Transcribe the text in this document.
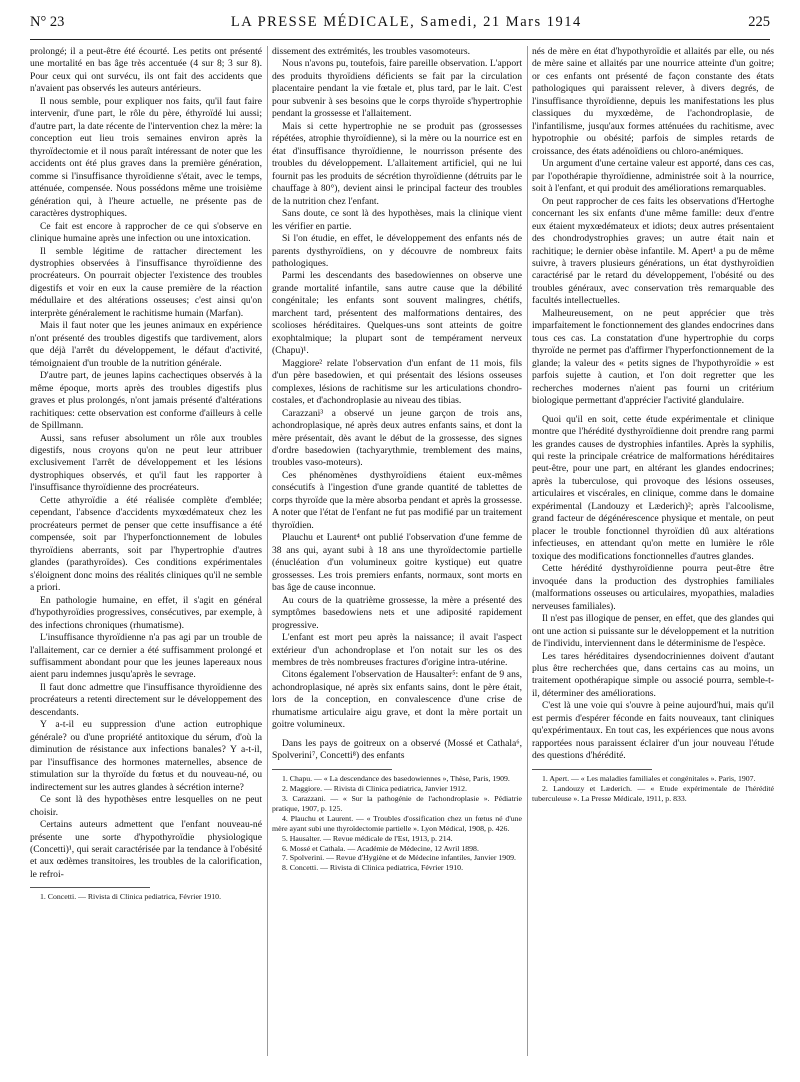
N° 23	LA PRESSE MÉDICALE, Samedi, 21 Mars 1914	225

prolongé; il a peut-être été écourté. Les petits ont présenté une mortalité en bas âge très accentuée (4 sur 8; 3 sur 8). Pour ceux qui ont survécu, ils ont fait des accidents que n'avaient pas observés les auteurs antérieurs.

Il nous semble, pour expliquer nos faits, qu'il faut faire intervenir, d'une part, le rôle du père, éthyroïdé lui aussi; d'autre part, la date récente de l'intervention chez la mère: la conception eut lieu trois semaines environ après la thyroïdectomie et il nous paraît intéressant de noter que les accidents ont été plus graves dans la première génération, comme si l'insuffisance thyroïdienne s'était, avec le temps, atténuée, compensée. Nous possédons même une troisième génération qui, à l'heure actuelle, ne présente pas de caractères dystrophiques.

Ce fait est encore à rapprocher de ce qui s'observe en clinique humaine après une infection ou une intoxication.

Il semble légitime de rattacher directement les dystrophies observées à l'insuffisance thyroïdienne des procréateurs. On pourrait objecter l'existence des troubles digestifs et voir en eux la cause première de la réaction médullaire et des altérations osseuses; c'est ainsi qu'on interprète généralement le rachitisme humain (Marfan).

Mais il faut noter que les jeunes animaux en expérience n'ont présenté des troubles digestifs que tardivement, alors que déjà l'arrêt du développement, le défaut d'activité, témoignaient d'un trouble de la nutrition générale.

D'autre part, de jeunes lapins cachectiques observés à la même époque, morts après des troubles digestifs plus graves et plus prolongés, n'ont jamais présenté d'altérations rachitiques: cette observation est conforme d'ailleurs à celle de Spillmann.

Aussi, sans refuser absolument un rôle aux troubles digestifs, nous croyons qu'on ne peut leur attribuer exclusivement l'arrêt de développement et les lésions dystrophiques observés, et qu'il faut les rapporter à l'insuffisance thyroïdienne des procréateurs.

Cette athyroïdie a été réalisée complète d'emblée; cependant, l'absence d'accidents myxœdémateux chez les procréateurs permet de penser que cette insuffisance a été compensée, soit par l'hyperfonctionnement de lobules thyroïdiens aberrants, soit par l'hypertrophie d'autres glandes (parathyroïdes). Ces conditions expérimentales s'éloignent donc moins des réalités cliniques qu'il ne semble a priori.

En pathologie humaine, en effet, il s'agit en général d'hypothyroïdies progressives, consécutives, par exemple, à des infections chroniques (rhumatisme).

L'insuffisance thyroïdienne n'a pas agi par un trouble de l'allaitement, car ce dernier a été suffisamment prolongé et suffisamment abondant pour que les jeunes lapereaux nous aient paru indemnes jusqu'après le sevrage.

Il faut donc admettre que l'insuffisance thyroïdienne des procréateurs a retenti directement sur le développement des descendants.

Y a-t-il eu suppression d'une action eutrophique générale? ou d'une propriété antitoxique du sérum, d'où la diminution de résistance aux infections banales? Y a-t-il, par l'insuffisance des hormones maternelles, absence de stimulation sur la thyroïde du fœtus et du nouveau-né, ou indirectement sur les autres glandes à sécrétion interne?

Ce sont là des hypothèses entre lesquelles on ne peut choisir.

Certains auteurs admettent que l'enfant nouveau-né présente une sorte d'hypothyroïdie physiologique (Concetti)¹, qui serait caractérisée par la tendance à l'obésité et aux œdèmes transitoires, les troubles de la calorification, le refroi-

1. Concetti. — Rivista di Clinica pediatrica, Février 1910.

dissement des extrémités, les troubles vasomoteurs.

Nous n'avons pu, toutefois, faire pareille observation. L'apport des produits thyroïdiens déficients se fait par la circulation placentaire pendant la vie fœtale et, plus tard, par le lait. C'est pour subvenir à ses besoins que le corps thyroïde s'hypertrophie pendant la grossesse et l'allaitement.

Mais si cette hypertrophie ne se produit pas (grossesses répétées, atrophie thyroïdienne), si la mère ou la nourrice est en état d'insuffisance thyroïdienne, le nourrisson présente des troubles du développement. L'allaitement artificiel, qui ne lui fournit pas les produits de sécrétion thyroïdienne (détruits par le chauffage à 80°), devient ainsi le principal facteur des troubles de la nutrition chez l'enfant.

Sans doute, ce sont là des hypothèses, mais la clinique vient les vérifier en partie.

Si l'on étudie, en effet, le développement des enfants nés de parents dysthyroïdiens, on y découvre de nombreux faits pathologiques.

Parmi les descendants des basedowiennes on observe une grande mortalité infantile, sans autre cause que la débilité congénitale; les enfants sont souvent malingres, chétifs, marchent tard, présentent des malformations dentaires, des scolioses héréditaires. Quelques-uns sont atteints de goitre exophtalmique; la plupart sont de tempérament nerveux (Chapu)¹.

Maggiore² relate l'observation d'un enfant de 11 mois, fils d'un père basedowien, et qui présentait des lésions osseuses complexes, lésions de rachitisme sur les articulations chondro-costales, et d'achondroplasie au niveau des tibias.

Carazzani³ a observé un jeune garçon de trois ans, achondroplasique, né après deux autres enfants sains, et dont la mère présentait, dès avant le début de la grossesse, des signes d'ordre basedowien (tachyarythmie, tremblement des mains, troubles vaso-moteurs).

Ces phénomènes dysthyroïdiens étaient eux-mêmes consécutifs à l'ingestion d'une grande quantité de tablettes de corps thyroïde que la mère absorba pendant et après la grossesse. A noter que l'état de l'enfant ne fut pas modifié par un traitement thyroïdien.

Plauchu et Laurent⁴ ont publié l'observation d'une femme de 38 ans qui, ayant subi à 18 ans une thyroïdectomie partielle (énucléation d'un volumineux goitre kystique) eut quatre grossesses. Les trois premiers enfants, normaux, sont morts en bas âge de cause inconnue.

Au cours de la quatrième grossesse, la mère a présenté des symptômes basedowiens nets et une adiposité rapidement progressive.

L'enfant est mort peu après la naissance; il avait l'aspect extérieur d'un achondroplase et l'on notait sur les os des membres de très nombreuses fractures d'origine intra-utérine.

Citons également l'observation de Hausalter⁵: enfant de 9 ans, achondroplasique, né après six enfants sains, dont le père était, lors de la conception, en convalescence d'une crise de rhumatisme articulaire aigu grave, et dont la mère portait un goitre volumineux.

Dans les pays de goitreux on a observé (Mossé et Cathala⁶, Spolverini⁷, Concetti⁸) des enfants

1. Chapu. — « La descendance des basedowiennes », Thèse, Paris, 1909.

2. Maggiore. — Rivista di Clinica pediatrica, Janvier 1912.

3. Carazzani. — « Sur la pathogénie de l'achondroplasie ». Pédiatrie pratique, 1907, p. 125.

4. Plauchu et Laurent. — « Troubles d'ossification chez un fœtus né d'une mère ayant subi une thyroïdectomie partielle ». Lyon Médical, 1908, p. 426.

5. Hausalter. — Revue médicale de l'Est, 1913, p. 214.

6. Mossé et Cathala. — Académie de Médecine, 12 Avril 1898.

7. Spolverini. — Revue d'Hygiène et de Médecine infantiles, Janvier 1909.

8. Concetti. — Rivista di Clinica pediatrica, Février 1910.

nés de mère en état d'hypothyroïdie et allaités par elle, ou nés de mère saine et allaités par une nourrice atteinte d'un goitre; or ces enfants ont présenté de façon constante des états pathologiques qui paraissent relever, à divers degrés, de l'insuffisance thyroïdienne, depuis les manifestations les plus classiques du myxœdème, de l'achondroplasie, de l'infantilisme, jusqu'aux formes atténuées du rachitisme, avec hypotrophie ou obésité; parfois de simples retards de croissance, des états adénoïdiens ou chloro-anémiques.

Un argument d'une certaine valeur est apporté, dans ces cas, par l'opothérapie thyroïdienne, administrée soit à la nourrice, soit à l'enfant, et qui produit des améliorations remarquables.

On peut rapprocher de ces faits les observations d'Hertoghe concernant les six enfants d'une même famille: deux d'entre eux étaient myxœdémateux et idiots; deux autres présentaient des chondrodystrophies graves; un autre était nain et rachitique; le dernier obèse infantile. M. Apert¹ a pu de même suivre, à travers plusieurs générations, un état dysthyroïdien caractérisé par le retard du développement, l'obésité ou des troubles généraux, avec conservation très remarquable des facultés intellectuelles.

Malheureusement, on ne peut apprécier que très imparfaitement le fonctionnement des glandes endocrines dans tous ces cas. La constatation d'une hypertrophie du corps thyroïde ne permet pas d'affirmer l'hyperfonctionnement de la glande; la valeur des « petits signes de l'hypothyroïdie » est parfois sujette à caution, et l'on doit regretter que les recherches modernes n'aient pas fourni un critérium biologique permettant d'apprécier l'activité glandulaire.

Quoi qu'il en soit, cette étude expérimentale et clinique montre que l'hérédité dysthyroïdienne doit prendre rang parmi les grandes causes de dystrophies infantiles. Après la syphilis, qui reste la principale créatrice de malformations héréditaires peut-être, pour une part, en altérant les glandes endocrines; après la tuberculose, qui provoque des lésions osseuses, articulaires et viscérales, en clinique, comme dans le domaine expérimental (Landouzy et Læderich)²; après l'alcoolisme, grand facteur de dégénérescence physique et mentale, on peut placer le trouble fonctionnel thyroïdien dû aux altérations infectieuses, en attendant qu'on mette en lumière le rôle toxique des modifications fonctionnelles d'autres glandes.

Cette hérédité dysthyroïdienne pourra peut-être être invoquée dans la production des dystrophies familiales (malformations osseuses ou articulaires, myopathies, maladies nerveuses familiales).

Il n'est pas illogique de penser, en effet, que des glandes qui ont une action si puissante sur le développement et la nutrition de l'individu, interviennent dans le déterminisme de l'espèce.

Les tares héréditaires dysendocriniennes doivent d'autant plus être recherchées que, dans certains cas au moins, un traitement opothérapique simple ou associé pourra, semble-t-il, déterminer des améliorations.

C'est là une voie qui s'ouvre à peine aujourd'hui, mais qu'il est permis d'espérer féconde en faits nouveaux, tant cliniques qu'expérimentaux. En tout cas, les expériences que nous avons rapportées nous paraissent éclairer d'un jour nouveau l'étude des questions d'hérédité.

1. Apert. — « Les maladies familiales et congénitales ». Paris, 1907.

2. Landouzy et Læderich. — « Etude expérimentale de l'hérédité tuberculeuse ». La Presse Médicale, 1911, p. 833.
